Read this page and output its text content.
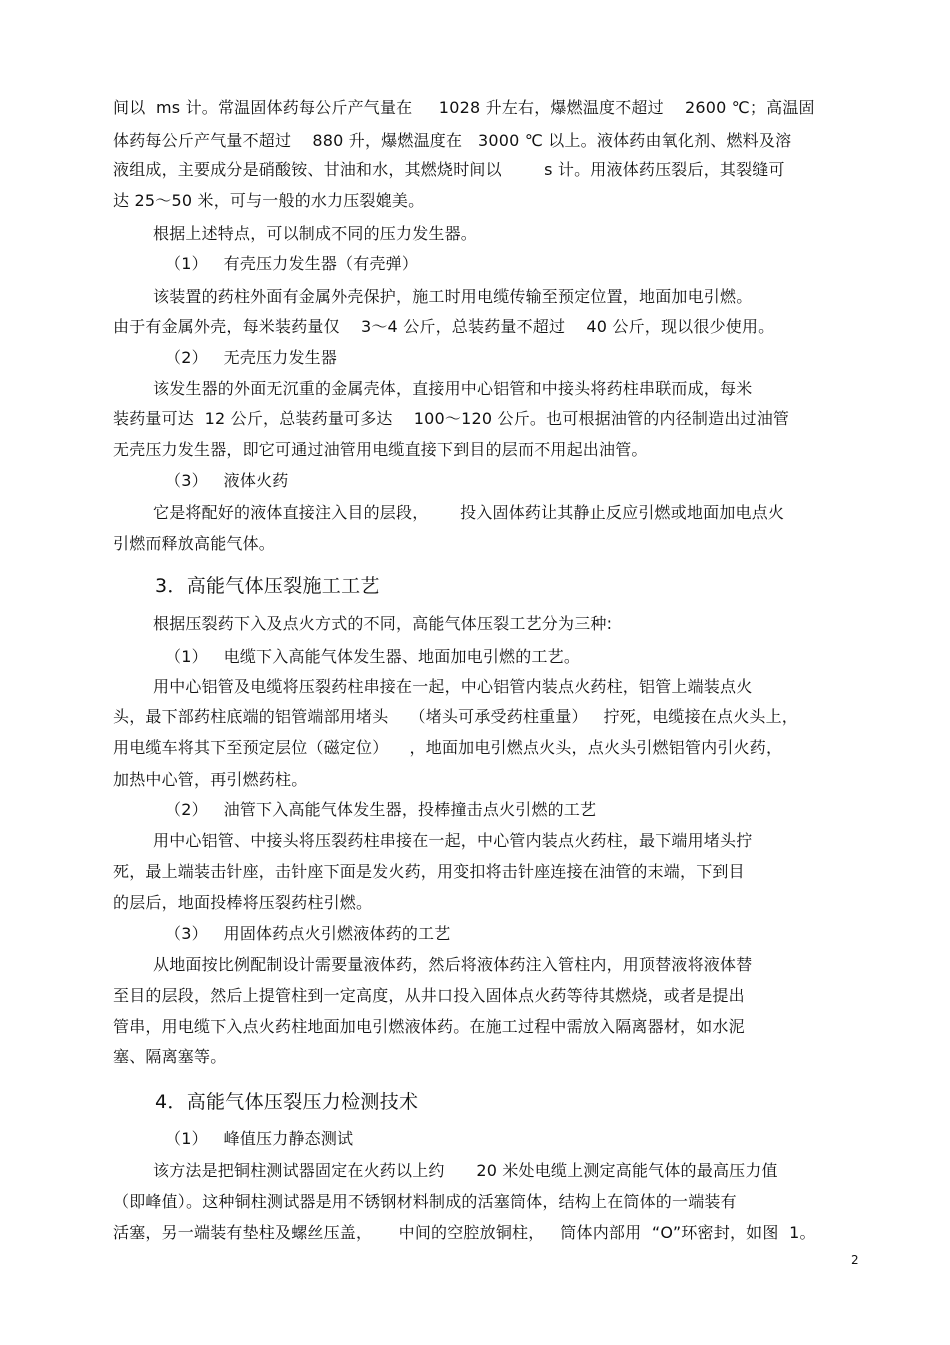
间以  ms 计。常温固体药每公斤产气量在     1028 升左右，爆燃温度不超过    2600 ℃；高温固
体药每公斤产气量不超过    880 升，爆燃温度在   3000 ℃ 以上。液体药由氧化剂、燃料及溶
液组成，主要成分是硝酸铵、甘油和水，其燃烧时间以        s 计。用液体药压裂后，其裂缝可
达 25～50 米，可与一般的水力压裂媲美。
根据上述特点，可以制成不同的压力发生器。
（1）   有壳压力发生器（有壳弹）
该装置的药柱外面有金属外壳保护，施工时用电缆传输至预定位置，地面加电引燃。
由于有金属外壳，每米装药量仅    3～4 公斤，总装药量不超过    40 公斤，现以很少使用。
（2）   无壳压力发生器
该发生器的外面无沉重的金属壳体，直接用中心铝管和中接头将药柱串联而成，每米
装药量可达  12 公斤，总装药量可多达    100～120 公斤。也可根据油管的内径制造出过油管
无壳压力发生器，即它可通过油管用电缆直接下到目的层而不用起出油管。
（3）   液体火药
它是将配好的液体直接注入目的层段，      投入固体药让其静止反应引燃或地面加电点火
引燃而释放高能气体。
3．高能气体压裂施工工艺
根据压裂药下入及点火方式的不同，高能气体压裂工艺分为三种:
（1）   电缆下入高能气体发生器、地面加电引燃的工艺。
用中心铝管及电缆将压裂药柱串接在一起，中心铝管内装点火药柱，铝管上端装点火
头，最下部药柱底端的铝管端部用堵头    （堵头可承受药柱重量）   拧死，电缆接在点火头上，
用电缆车将其下至预定层位（磁定位）    ，地面加电引燃点火头，点火头引燃铝管内引火药，
加热中心管，再引燃药柱。
（2）   油管下入高能气体发生器，投棒撞击点火引燃的工艺
用中心铝管、中接头将压裂药柱串接在一起，中心管内装点火药柱，最下端用堵头拧
死，最上端装击针座，击针座下面是发火药，用变扣将击针座连接在油管的末端，下到目
的层后，地面投棒将压裂药柱引燃。
（3）   用固体药点火引燃液体药的工艺
从地面按比例配制设计需要量液体药，然后将液体药注入管柱内，用顶替液将液体替
至目的层段，然后上提管柱到一定高度，从井口投入固体点火药等待其燃烧，或者是提出
管串，用电缆下入点火药柱地面加电引燃液体药。在施工过程中需放入隔离器材，如水泥
塞、隔离塞等。
4．高能气体压裂压力检测技术
（1）   峰值压力静态测试
该方法是把铜柱测试器固定在火药以上约      20 米处电缆上测定高能气体的最高压力值
（即峰值）。这种铜柱测试器是用不锈钢材料制成的活塞筒体，结构上在筒体的一端装有
活塞，另一端装有垫柱及螺丝压盖，     中间的空腔放铜柱，   筒体内部用  “O”环密封，如图  1。
2
